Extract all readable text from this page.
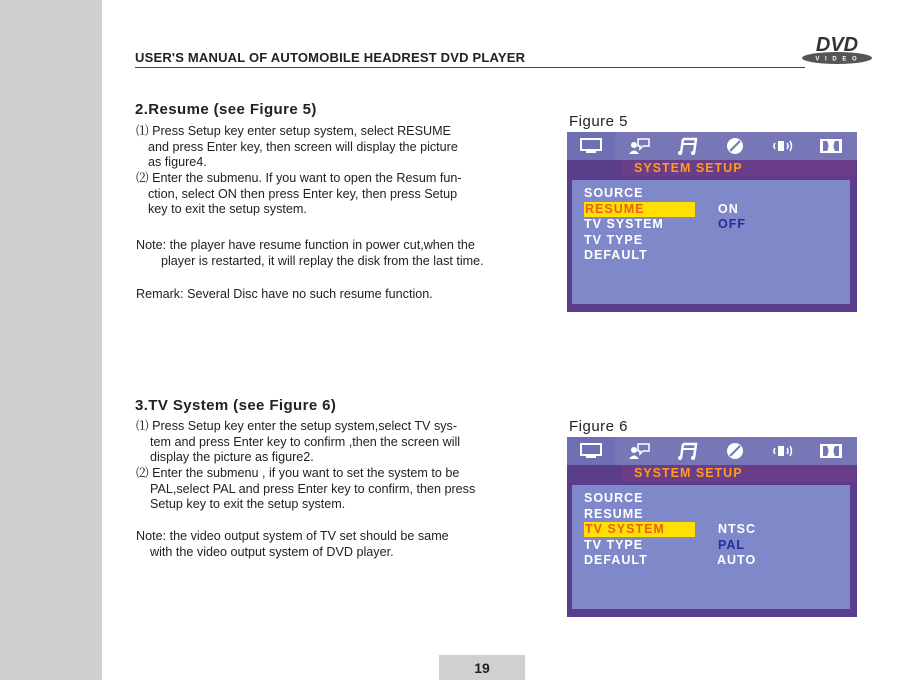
USER'S MANUAL OF AUTOMOBILE HEADREST DVD PLAYER	V I D E O
DVD
2.Resume (see Figure 5)
⑴ Press Setup key enter setup system, select RESUME
and press Enter key, then screen will display the picture
as figure4.
⑵ Enter the submenu. If you want to open the Resum fun-
ction, select ON then press Enter key, then press Setup
key to exit the setup system.
Note: the player have resume function in power cut,when the
player is restarted, it will replay the disk from the last time.
Remark: Several Disc have no such resume function.
Figure 5
SYSTEM SETUP
SOURCE
RESUME
TV SYSTEM
TV TYPE
DEFAULT
ON
OFF
3.TV System (see Figure 6)
⑴ Press Setup key enter the setup system,select TV sys-
tem and press Enter key to confirm ,then the screen will
display the picture as figure2.
⑵ Enter the submenu , if you want to set the system to be
PAL,select PAL and press Enter key to confirm, then press
Setup key to exit the setup system.
Note: the video output system of TV set should be same
with the video output system of DVD player.
Figure 6
SYSTEM SETUP
SOURCE
RESUME
TV SYSTEM
TV TYPE
DEFAULT
NTSC
PAL
AUTO
19
